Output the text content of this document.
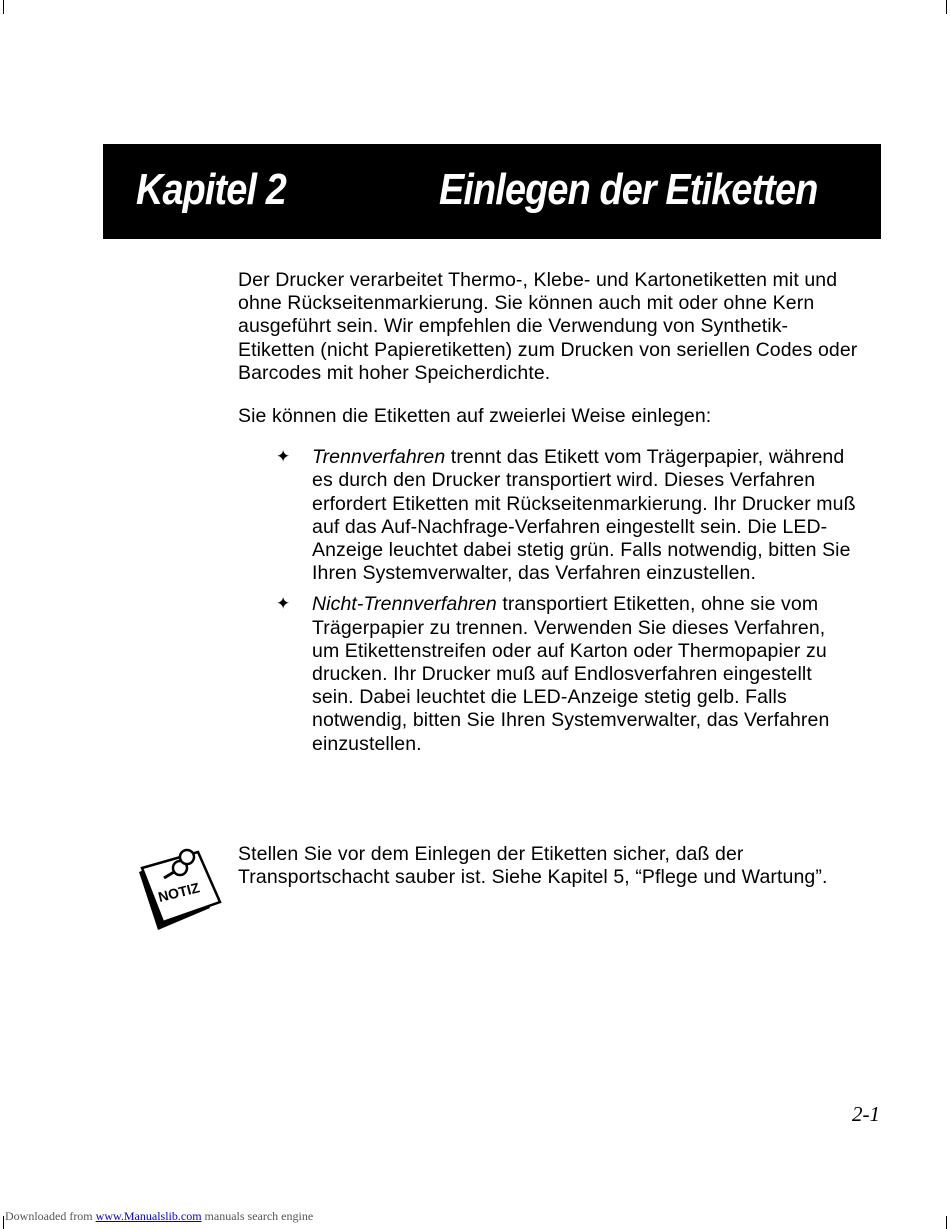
Kapitel 2	Einlegen der Etiketten

Der Drucker verarbeitet Thermo-, Klebe- und Kartonetiketten mit und ohne Rückseitenmarkierung. Sie können auch mit oder ohne Kern ausgeführt sein. Wir empfehlen die Verwendung von Synthetik-Etiketten (nicht Papieretiketten) zum Drucken von seriellen Codes oder Barcodes mit hoher Speicherdichte.

Sie können die Etiketten auf zweierlei Weise einlegen:

✦ Trennverfahren trennt das Etikett vom Trägerpapier, während es durch den Drucker transportiert wird. Dieses Verfahren erfordert Etiketten mit Rückseitenmarkierung. Ihr Drucker muß auf das Auf-Nachfrage-Verfahren eingestellt sein. Die LED-Anzeige leuchtet dabei stetig grün. Falls notwendig, bitten Sie Ihren Systemverwalter, das Verfahren einzustellen.
✦ Nicht-Trennverfahren transportiert Etiketten, ohne sie vom Trägerpapier zu trennen. Verwenden Sie dieses Verfahren, um Etikettenstreifen oder auf Karton oder Thermopapier zu drucken. Ihr Drucker muß auf Endlosverfahren eingestellt sein. Dabei leuchtet die LED-Anzeige stetig gelb. Falls notwendig, bitten Sie Ihren Systemverwalter, das Verfahren einzustellen.
NOTIZ

Stellen Sie vor dem Einlegen der Etiketten sicher, daß der Transportschacht sauber ist. Siehe Kapitel 5, “Pflege und Wartung”.

2-1
Downloaded from www.Manualslib.com manuals search engine
